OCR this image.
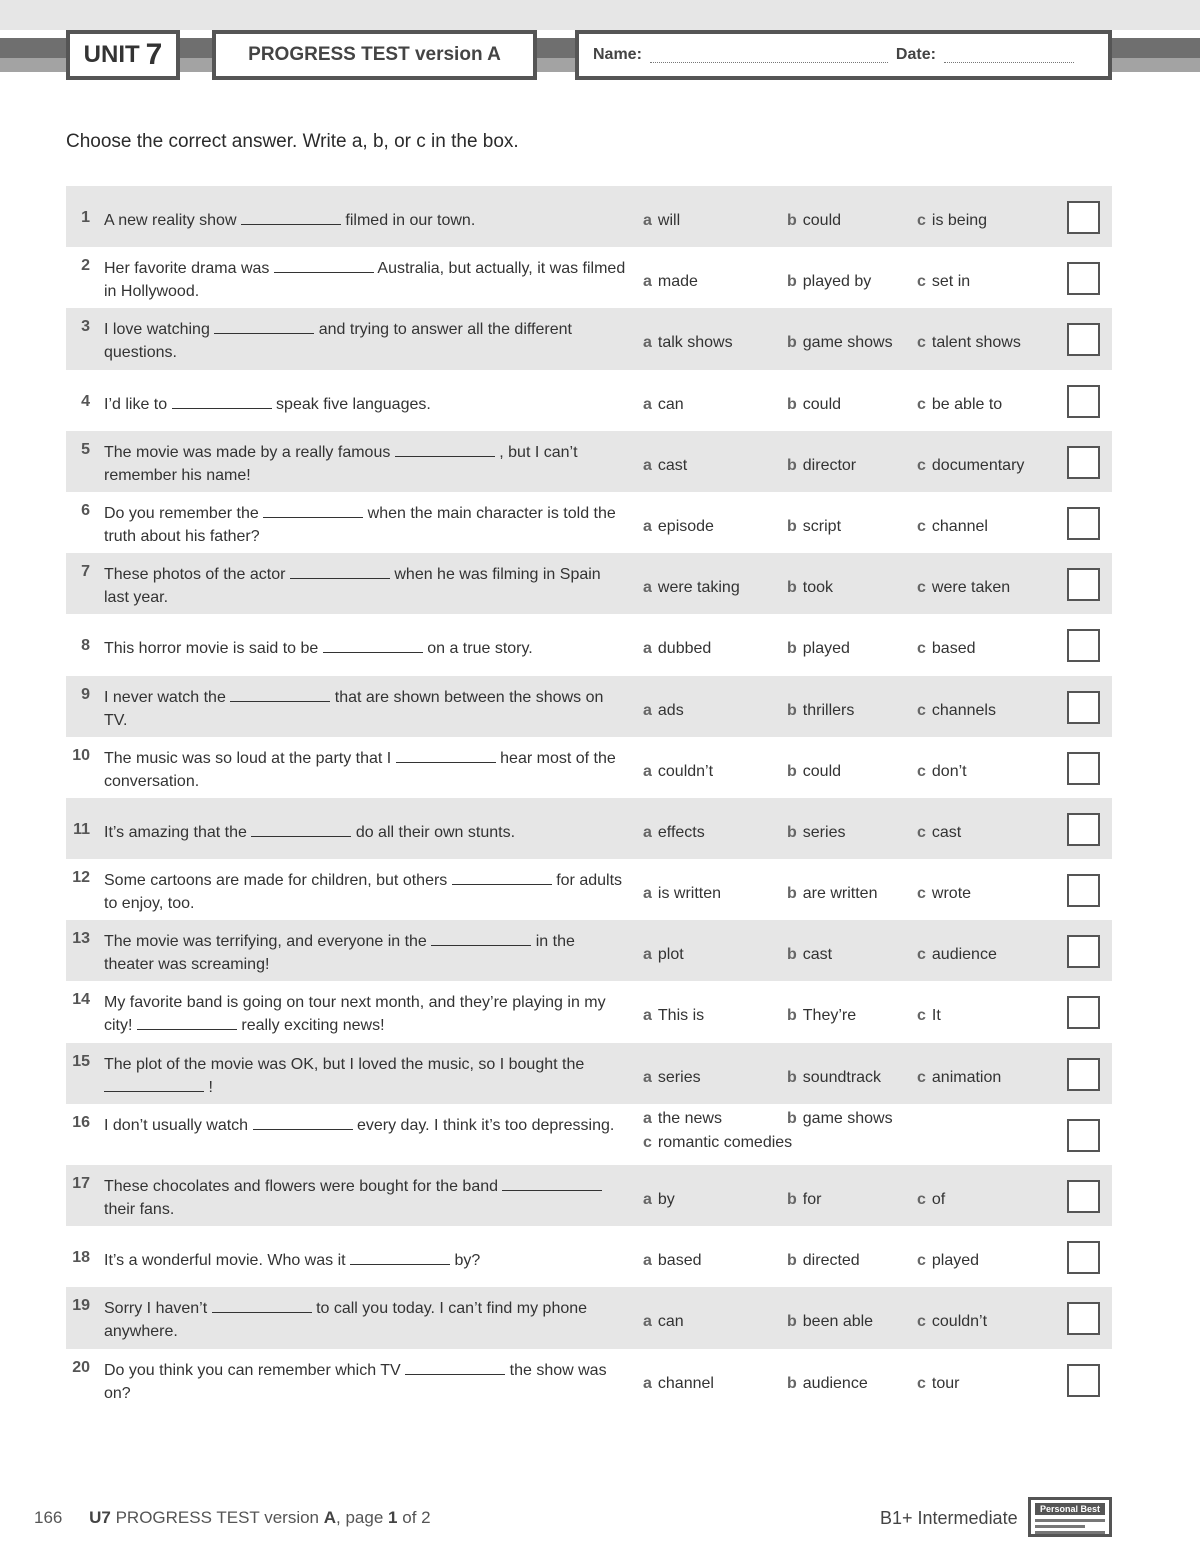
UNIT 7	PROGRESS TEST version A	Name:	Date:
Choose the correct answer. Write a, b, or c in the box.
1 A new reality show	filmed in our town.	a will	b could	c is being
2 Her favorite drama was	Australia, but actually, it was filmed in Hollywood.
a made	b played by	c set in
3 I love watching	and trying to answer all the different questions.
a talk shows	b game shows c talent shows
4 I’d like to	speak five languages.	a can	b could	c be able to
5 The movie was made by a really famous	, but I can’t remember his name!
a cast	b director	c documentary
6 Do you remember the	when the main character is told the truth about his father?
a episode	b script	c channel
7 These photos of the actor	when he was filming in Spain last year.
a were taking	b took	c were taken
8 This horror movie is said to be	on a true story.	a dubbed	b played	c based
9 I never watch the	that are shown between the shows on TV.
a ads	b thrillers	c channels
10 The music was so loud at the party that I	hear most of the conversation.
a couldn’t	b could	c don’t
11 It’s amazing that the	do all their own stunts.	a effects	b series	c cast
12 Some cartoons are made for children, but others	for adults to enjoy, too.
a is written	b are written c wrote
13 The movie was terrifying, and everyone in the	in the theater was screaming!
a plot	b cast	c audience
14 My favorite band is going on tour next month, and they’re playing in my city!	really exciting news!
a This is	b They’re	c It
15 The plot of the movie was OK, but I loved the music, so I bought the  !
a series	b soundtrack c animation
16 I don’t usually watch	every day. I think it’s too depressing.	a the news	b game shows
c romantic comedies
17 These chocolates and flowers were bought for the band  their fans.
a by	b for	c of
18 It’s a wonderful movie. Who was it	by?	a based	b directed	c played
19 Sorry I haven’t	to call you today. I can’t find my phone anywhere.
a can	b been able	c couldn’t
20 Do you think you can remember which TV	the show was on?
a channel	b audience	c tour
166 U7 PROGRESS TEST version A, page 1 of 2	B1+ Intermediate	Personal Best
